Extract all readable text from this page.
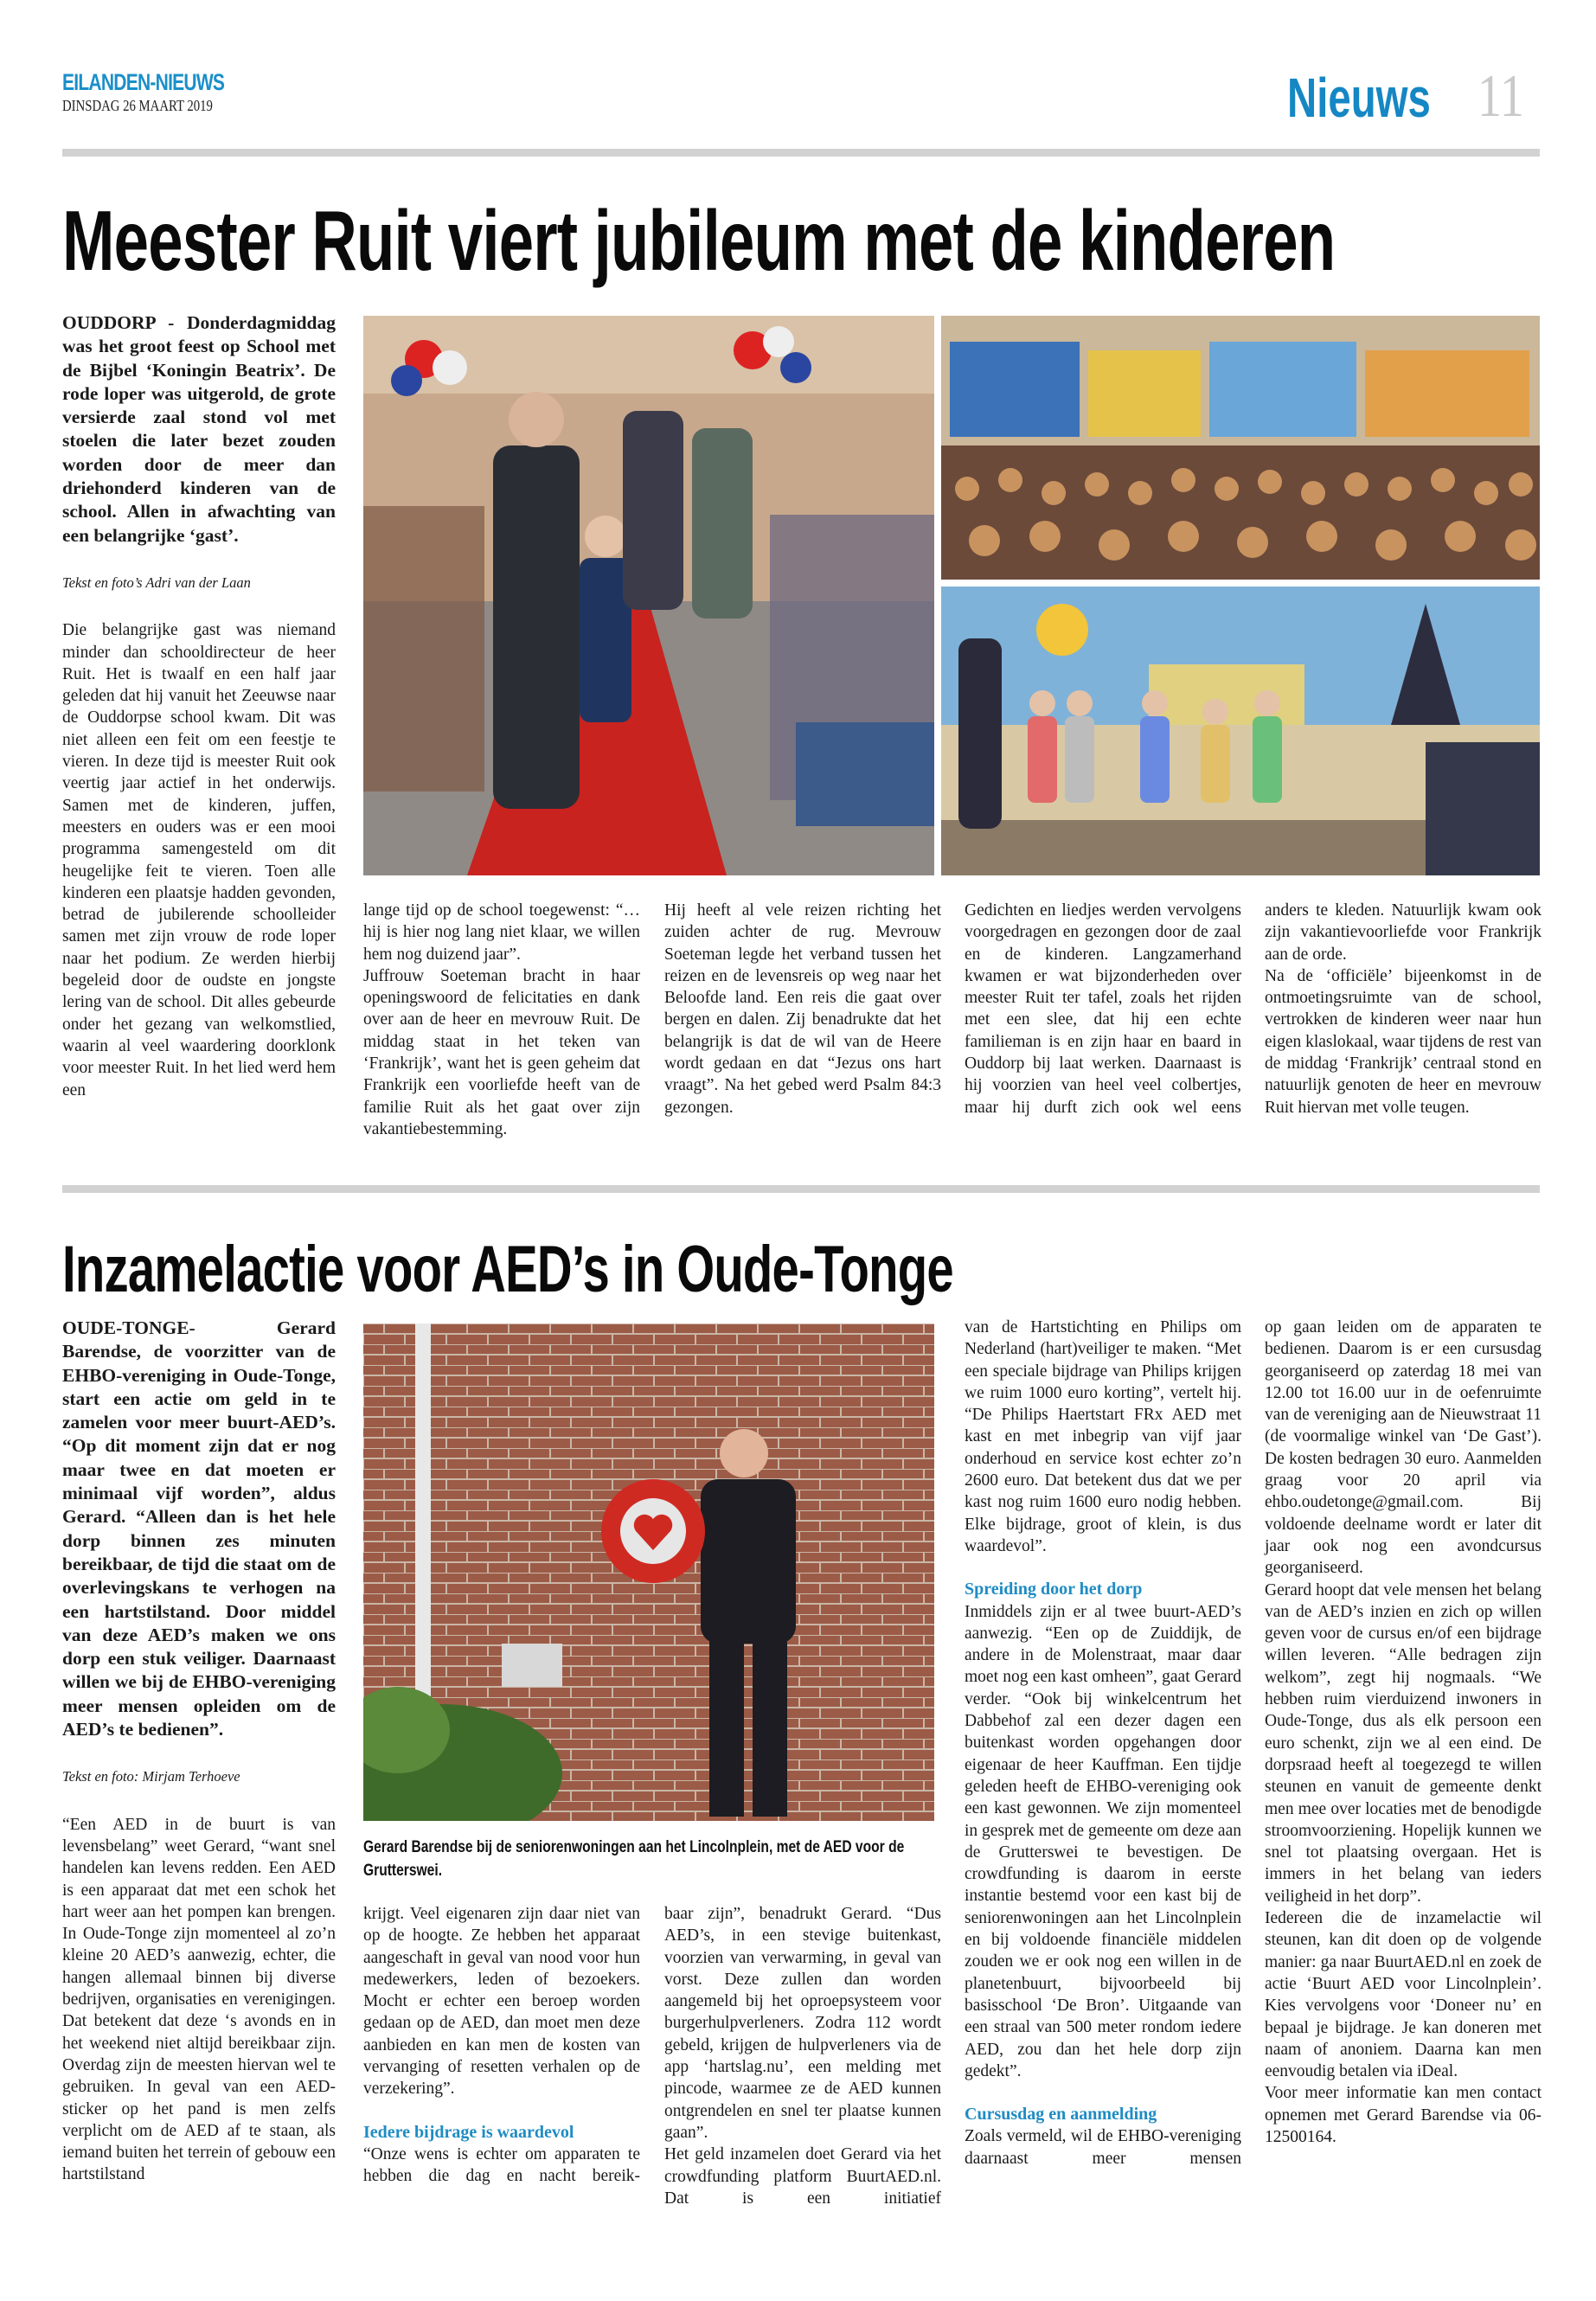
EILANDEN-NIEUWS
DINSDAG 26 MAART 2019	Nieuws 11
Meester Ruit viert jubileum met de kinderen

OUDDORP - Donderdagmiddag was het groot feest op School met de Bijbel ‘Koningin Beatrix’. De rode loper was uitgerold, de grote versierde zaal stond vol met stoelen die later bezet zouden worden door de meer dan driehonderd kinderen van de school. Allen in afwachting van een belangrijke ‘gast’.

Tekst en foto’s Adri van der Laan

Die belangrijke gast was niemand minder dan schooldirecteur de heer Ruit. Het is twaalf en een half jaar geleden dat hij vanuit het Zeeuwse naar de Ouddorpse school kwam. Dit was niet alleen een feit om een feestje te vieren. In deze tijd is meester Ruit ook veertig jaar actief in het onderwijs. Samen met de kinderen, juffen, meesters en ouders was er een mooi programma samengesteld om dit heugelijke feit te vieren. Toen alle kinderen een plaatsje hadden gevonden, betrad de jubilerende schoolleider samen met zijn vrouw de rode loper naar het podium. Ze werden hierbij begeleid door de oudste en jongste lering van de school. Dit alles gebeurde onder het gezang van welkomstlied, waarin al veel waardering doorklonk voor meester Ruit. In het lied werd hem een

lange tijd op de school toegewenst: “… hij is hier nog lang niet klaar, we willen hem nog duizend jaar”.

Juffrouw Soeteman bracht in haar openingswoord de felicitaties en dank over aan de heer en mevrouw Ruit. De middag staat in het teken van ‘Frankrijk’, want het is geen geheim dat Frankrijk een voorliefde heeft van de familie Ruit als het gaat over zijn vakantiebestemming.

Hij heeft al vele reizen richting het zuiden achter de rug. Mevrouw Soeteman legde het verband tussen het reizen en de levensreis op weg naar het Beloofde land. Een reis die gaat over bergen en dalen. Zij benadrukte dat het belangrijk is dat de wil van de Heere wordt gedaan en dat “Jezus ons hart vraagt”. Na het gebed werd Psalm 84:3 gezongen.

Gedichten en liedjes werden vervolgens voorgedragen en gezongen door de zaal en de kinderen. Langzamerhand kwamen er wat bijzonderheden over meester Ruit ter tafel, zoals het rijden met een slee, dat hij een echte familieman is en zijn haar en baard in Ouddorp bij laat werken. Daarnaast is hij voorzien van heel veel colbertjes, maar hij durft zich ook wel eens

anders te kleden. Natuurlijk kwam ook zijn vakantievoorliefde voor Frankrijk aan de orde.

Na de ‘officiële’ bijeenkomst in de ontmoetingsruimte van de school, vertrokken de kinderen weer naar hun eigen klaslokaal, waar tijdens de rest van de middag ‘Frankrijk’ centraal stond en natuurlijk genoten de heer en mevrouw Ruit hiervan met volle teugen.

Inzamelactie voor AED’s in Oude-Tonge

OUDE-TONGE- Gerard Barendse, de voorzitter van de EHBO-vereniging in Oude-Tonge, start een actie om geld in te zamelen voor meer buurt-AED’s. “Op dit moment zijn dat er nog maar twee en dat moeten er minimaal vijf worden”, aldus Gerard. “Alleen dan is het hele dorp binnen zes minuten bereikbaar, de tijd die staat om de overlevingskans te verhogen na een hartstilstand. Door middel van deze AED’s maken we ons dorp een stuk veiliger. Daarnaast willen we bij de EHBO-vereniging meer mensen opleiden om de AED’s te bedienen”.

Tekst en foto: Mirjam Terhoeve

“Een AED in de buurt is van levensbelang” weet Gerard, “want snel handelen kan levens redden. Een AED is een apparaat dat met een schok het hart weer aan het pompen kan brengen. In Oude-Tonge zijn momenteel al zo’n kleine 20 AED’s aanwezig, echter, die hangen allemaal binnen bij diverse bedrijven, organisaties en verenigingen. Dat betekent dat deze ‘s avonds en in het weekend niet altijd bereikbaar zijn. Overdag zijn de meesten hiervan wel te gebruiken. In geval van een AED-sticker op het pand is men zelfs verplicht om de AED af te staan, als iemand buiten het terrein of gebouw een hartstilstand

Gerard Barendse bij de seniorenwoningen aan het Lincolnplein, met de AED voor de Grutterswei.

krijgt. Veel eigenaren zijn daar niet van op de hoogte. Ze hebben het apparaat aangeschaft in geval van nood voor hun medewerkers, leden of bezoekers. Mocht er echter een beroep worden gedaan op de AED, dan moet men deze aanbieden en kan men de kosten van vervanging of resetten verhalen op de verzekering”.

Iedere bijdrage is waardevol

“Onze wens is echter om apparaten te hebben die dag en nacht bereik-

baar zijn”, benadrukt Gerard. “Dus AED’s, in een stevige buitenkast, voorzien van verwarming, in geval van vorst. Deze zullen dan worden aangemeld bij het oproepsysteem voor burgerhulpverleners. Zodra 112 wordt gebeld, krijgen de hulpverleners via de app ‘hartslag.nu’, een melding met pincode, waarmee ze de AED kunnen ontgrendelen en snel ter plaatse kunnen gaan”.

Het geld inzamelen doet Gerard via het crowdfunding platform BuurtAED.nl. Dat is een initiatief

van de Hartstichting en Philips om Nederland (hart)veiliger te maken. “Met een speciale bijdrage van Philips krijgen we ruim 1000 euro korting”, vertelt hij. “De Philips Haertstart FRx AED met kast en met inbegrip van vijf jaar onderhoud en service kost echter zo’n 2600 euro. Dat betekent dus dat we per kast nog ruim 1600 euro nodig hebben. Elke bijdrage, groot of klein, is dus waardevol”.

Spreiding door het dorp

Inmiddels zijn er al twee buurt-AED’s aanwezig. “Een op de Zuiddijk, de andere in de Molenstraat, maar daar moet nog een kast omheen”, gaat Gerard verder. “Ook bij winkelcentrum het Dabbehof zal een dezer dagen een buitenkast worden opgehangen door eigenaar de heer Kauffman. Een tijdje geleden heeft de EHBO-vereniging ook een kast gewonnen. We zijn momenteel in gesprek met de gemeente om deze aan de Grutterswei te bevestigen. De crowdfunding is daarom in eerste instantie bestemd voor een kast bij de seniorenwoningen aan het Lincolnplein en bij voldoende financiële middelen zouden we er ook nog een willen in de planetenbuurt, bijvoorbeeld bij basisschool ‘De Bron’. Uitgaande van een straal van 500 meter rondom iedere AED, zou dan het hele dorp zijn gedekt”.

Cursusdag en aanmelding

Zoals vermeld, wil de EHBO-vereniging daarnaast meer mensen

op gaan leiden om de apparaten te bedienen. Daarom is er een cursusdag georganiseerd op zaterdag 18 mei van 12.00 tot 16.00 uur in de oefenruimte van de vereniging aan de Nieuwstraat 11 (de voormalige winkel van ‘De Gast’). De kosten bedragen 30 euro. Aanmelden graag voor 20 april via ehbo.oudetonge@gmail.com. Bij voldoende deelname wordt er later dit jaar ook nog een avondcursus georganiseerd.

Gerard hoopt dat vele mensen het belang van de AED’s inzien en zich op willen geven voor de cursus en/of een bijdrage willen leveren. “Alle bedragen zijn welkom”, zegt hij nogmaals. “We hebben ruim vierduizend inwoners in Oude-Tonge, dus als elk persoon een euro schenkt, zijn we al een eind. De dorpsraad heeft al toegezegd te willen steunen en vanuit de gemeente denkt men mee over locaties met de benodigde stroomvoorziening. Hopelijk kunnen we snel tot plaatsing overgaan. Het is immers in het belang van ieders veiligheid in het dorp”.

Iedereen die de inzamelactie wil steunen, kan dit doen op de volgende manier: ga naar BuurtAED.nl en zoek de actie ‘Buurt AED voor Lincolnplein’. Kies vervolgens voor ‘Doneer nu’ en bepaal je bijdrage. Je kan doneren met naam of anoniem. Daarna kan men eenvoudig betalen via iDeal.

Voor meer informatie kan men contact opnemen met Gerard Barendse via 06-12500164.
